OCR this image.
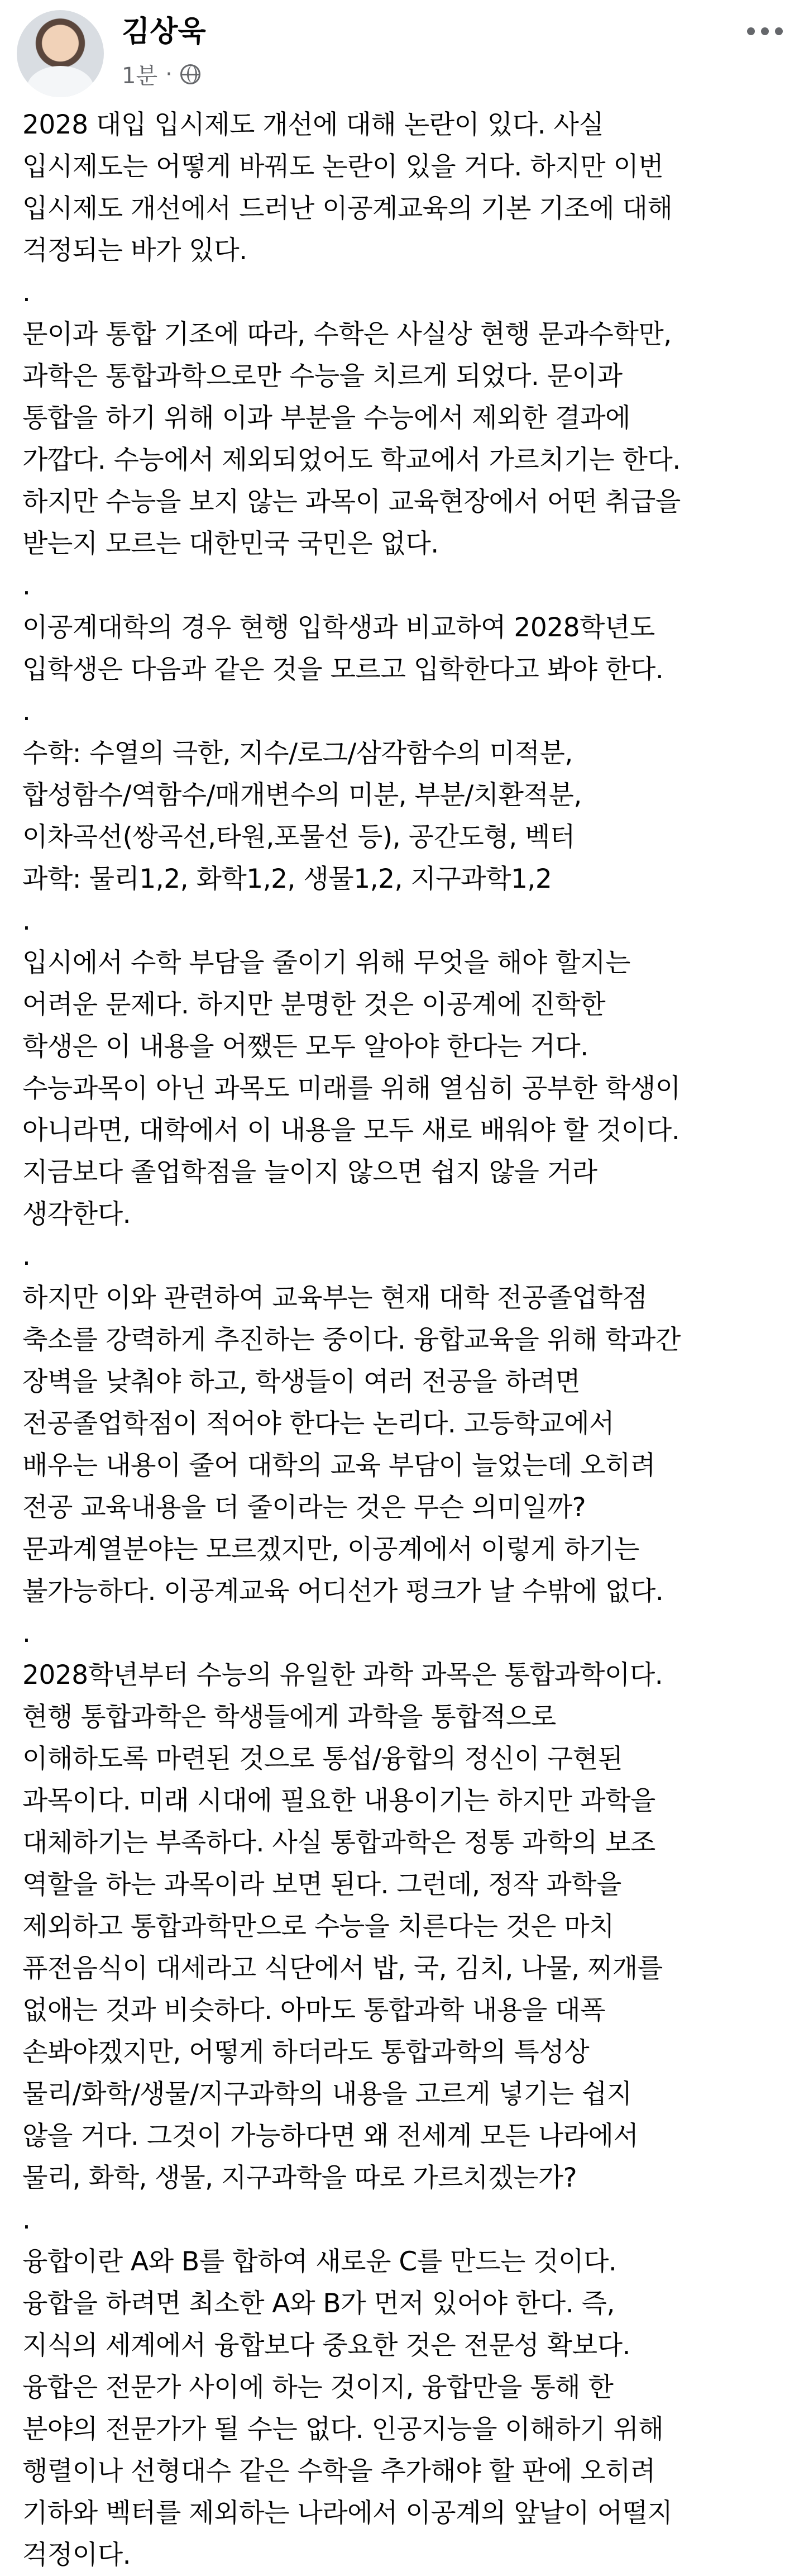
김상욱
1분 ·

2028 대입 입시제도 개선에 대해 논란이 있다. 사실

입시제도는 어떻게 바꿔도 논란이 있을 거다. 하지만 이번

입시제도 개선에서 드러난 이공계교육의 기본 기조에 대해

걱정되는 바가 있다.

.

문이과 통합 기조에 따라, 수학은 사실상 현행 문과수학만,

과학은 통합과학으로만 수능을 치르게 되었다. 문이과

통합을 하기 위해 이과 부분을 수능에서 제외한 결과에

가깝다. 수능에서 제외되었어도 학교에서 가르치기는 한다.

하지만 수능을 보지 않는 과목이 교육현장에서 어떤 취급을

받는지 모르는 대한민국 국민은 없다.

.

이공계대학의 경우 현행 입학생과 비교하여 2028학년도

입학생은 다음과 같은 것을 모르고 입학한다고 봐야 한다.

.

수학: 수열의 극한, 지수/로그/삼각함수의 미적분,

합성함수/역함수/매개변수의 미분, 부분/치환적분,

이차곡선(쌍곡선,타원,포물선 등), 공간도형, 벡터

과학: 물리1,2, 화학1,2, 생물1,2, 지구과학1,2

.

입시에서 수학 부담을 줄이기 위해 무엇을 해야 할지는

어려운 문제다. 하지만 분명한 것은 이공계에 진학한

학생은 이 내용을 어쨌든 모두 알아야 한다는 거다.

수능과목이 아닌 과목도 미래를 위해 열심히 공부한 학생이

아니라면, 대학에서 이 내용을 모두 새로 배워야 할 것이다.

지금보다 졸업학점을 늘이지 않으면 쉽지 않을 거라

생각한다.

.

하지만 이와 관련하여 교육부는 현재 대학 전공졸업학점

축소를 강력하게 추진하는 중이다. 융합교육을 위해 학과간

장벽을 낮춰야 하고, 학생들이 여러 전공을 하려면

전공졸업학점이 적어야 한다는 논리다. 고등학교에서

배우는 내용이 줄어 대학의 교육 부담이 늘었는데 오히려

전공 교육내용을 더 줄이라는 것은 무슨 의미일까?

문과계열분야는 모르겠지만, 이공계에서 이렇게 하기는

불가능하다. 이공계교육 어디선가 펑크가 날 수밖에 없다.

.

2028학년부터 수능의 유일한 과학 과목은 통합과학이다.

현행 통합과학은 학생들에게 과학을 통합적으로

이해하도록 마련된 것으로 통섭/융합의 정신이 구현된

과목이다. 미래 시대에 필요한 내용이기는 하지만 과학을

대체하기는 부족하다. 사실 통합과학은 정통 과학의 보조

역할을 하는 과목이라 보면 된다. 그런데, 정작 과학을

제외하고 통합과학만으로 수능을 치른다는 것은 마치

퓨전음식이 대세라고 식단에서 밥, 국, 김치, 나물, 찌개를

없애는 것과 비슷하다. 아마도 통합과학 내용을 대폭

손봐야겠지만, 어떻게 하더라도 통합과학의 특성상

물리/화학/생물/지구과학의 내용을 고르게 넣기는 쉽지

않을 거다. 그것이 가능하다면 왜 전세계 모든 나라에서

물리, 화학, 생물, 지구과학을 따로 가르치겠는가?

.

융합이란 A와 B를 합하여 새로운 C를 만드는 것이다.

융합을 하려면 최소한 A와 B가 먼저 있어야 한다. 즉,

지식의 세계에서 융합보다 중요한 것은 전문성 확보다.

융합은 전문가 사이에 하는 것이지, 융합만을 통해 한

분야의 전문가가 될 수는 없다. 인공지능을 이해하기 위해

행렬이나 선형대수 같은 수학을 추가해야 할 판에 오히려

기하와 벡터를 제외하는 나라에서 이공계의 앞날이 어떨지

걱정이다.
